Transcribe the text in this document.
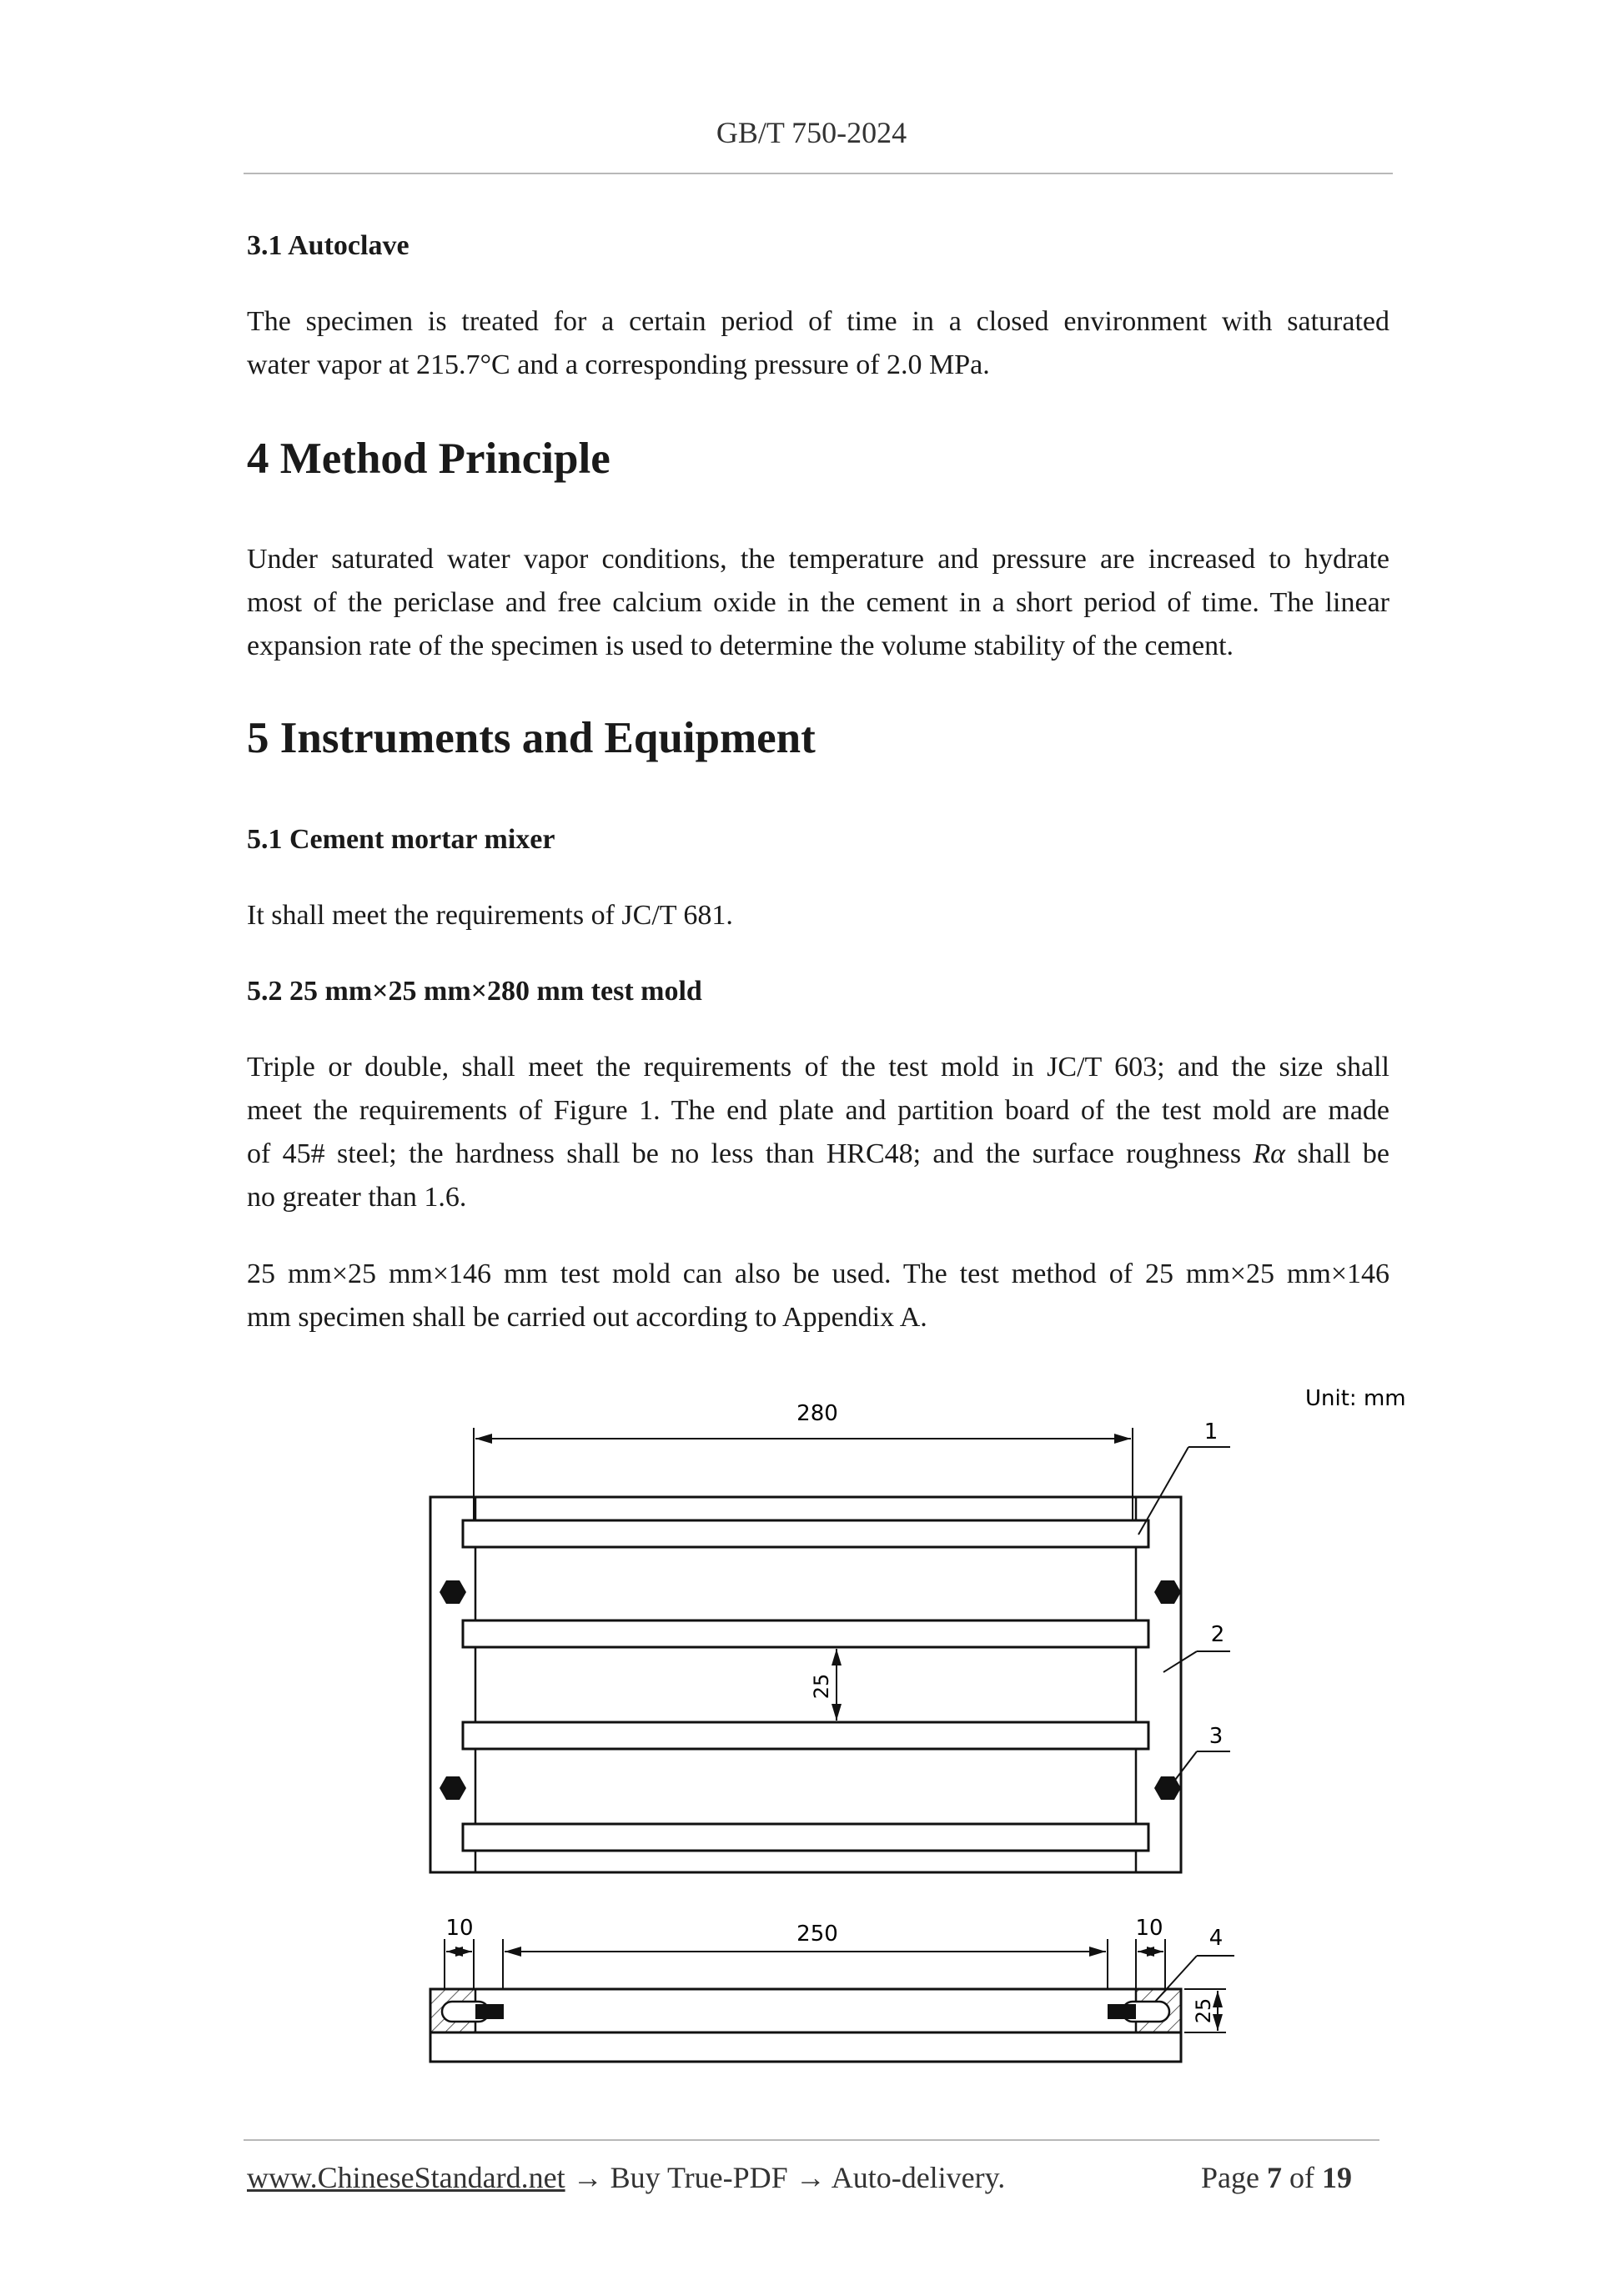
GB/T 750-2024
3.1 Autoclave
The specimen is treated for a certain period of time in a closed environment with saturated
water vapor at 215.7°C and a corresponding pressure of 2.0 MPa.
4 Method Principle
Under saturated water vapor conditions, the temperature and pressure are increased to hydrate
most of the periclase and free calcium oxide in the cement in a short period of time. The linear
expansion rate of the specimen is used to determine the volume stability of the cement.
5 Instruments and Equipment
5.1 Cement mortar mixer
It shall meet the requirements of JC/T 681.
5.2 25 mm×25 mm×280 mm test mold
Triple or double, shall meet the requirements of the test mold in JC/T 603; and the size shall
meet the requirements of Figure 1. The end plate and partition board of the test mold are made
of 45# steel; the hardness shall be no less than HRC48; and the surface roughness Rα shall be
no greater than 1.6.
25 mm×25 mm×146 mm test mold can also be used. The test method of 25 mm×25 mm×146
mm specimen shall be carried out according to Appendix A.
Unit: mm
280
25
1
2
3
10	250	10 4
25
www.ChineseStandard.net → Buy True-PDF → Auto-delivery.	Page 7 of 19
